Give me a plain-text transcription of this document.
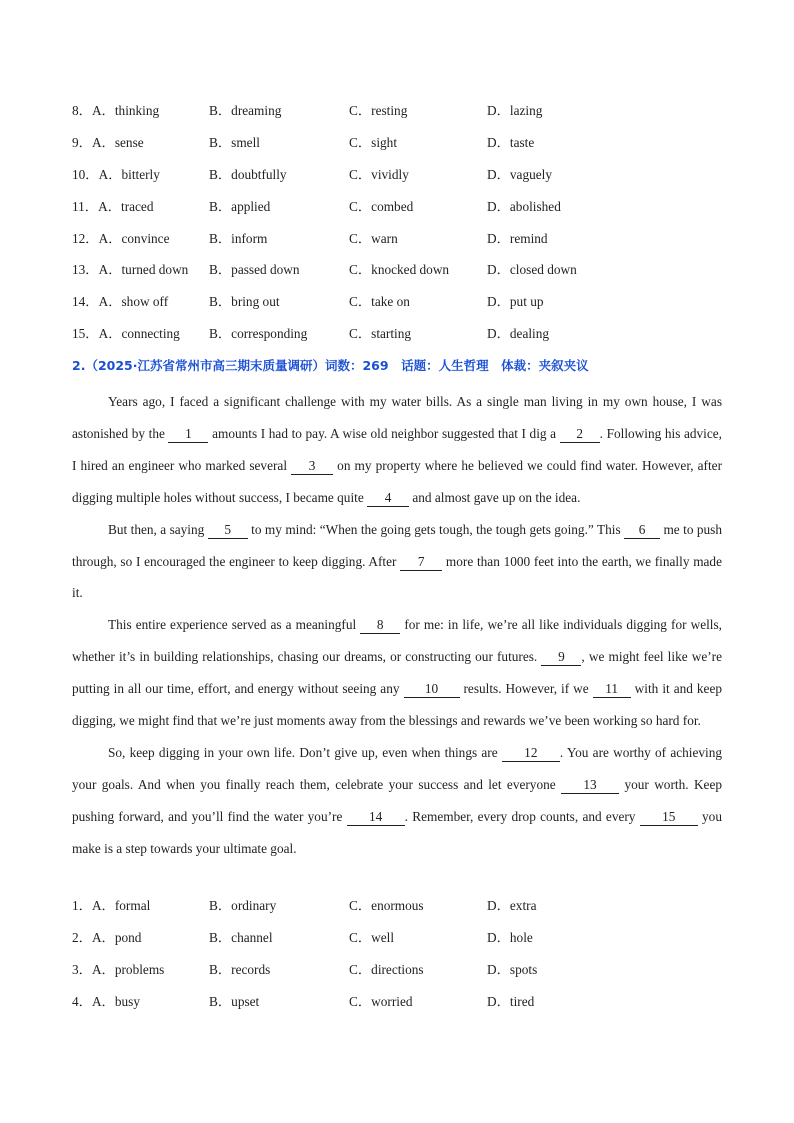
8．A．thinking	B．dreaming	C．resting	D．lazing
9．A．sense	B．smell	C．sight	D．taste
10．A．bitterly	B．doubtfully	C．vividly	D．vaguely
11．A．traced	B．applied	C．combed	D．abolished
12．A．convince	B．inform	C．warn	D．remind
13．A．turned down B．passed down	C．knocked down	D．closed down
14．A．show off	B．bring out	C．take on	D．put up
15．A．connecting B．corresponding	C．starting	D．dealing
2.（2025·江苏省常州市高三期末质量调研）词数：269　话题：人生哲理　体裁：夹叙夹议

Years ago, I faced a significant challenge with my water bills. As a single man living in my own house, I was astonished by the 1 amounts I had to pay. A wise old neighbor suggested that I dig a 2 . Following his advice, I hired an engineer who marked several 3 on my property where he believed we could find water. However, after digging multiple holes without success, I became quite 4 and almost gave up on the idea.

But then, a saying 5 to my mind: “When the going gets tough, the tough gets going.” This 6 me to push through, so I encouraged the engineer to keep digging. After 7 more than 1000 feet into the earth, we finally made it.

This entire experience served as a meaningful 8 for me: in life, we’re all like individuals digging for wells, whether it’s in building relationships, chasing our dreams, or constructing our futures. 9 , we might feel like we’re putting in all our time, effort, and energy without seeing any 10 results. However, if we 11 with it and keep digging, we might find that we’re just moments away from the blessings and rewards we’ve been working so hard for.

So, keep digging in your own life. Don’t give up, even when things are 12 . You are worthy of achieving your goals. And when you finally reach them, celebrate your success and let everyone 13 your worth. Keep pushing forward, and you’ll find the water you’re 14 . Remember, every drop counts, and every 15 you make is a step towards your ultimate goal.

1．A．formal	B．ordinary	C．enormous	D．extra
2．A．pond	B．channel	C．well	D．hole
3．A．problems	B．records	C．directions	D．spots
4．A．busy	B．upset	C．worried	D．tired
